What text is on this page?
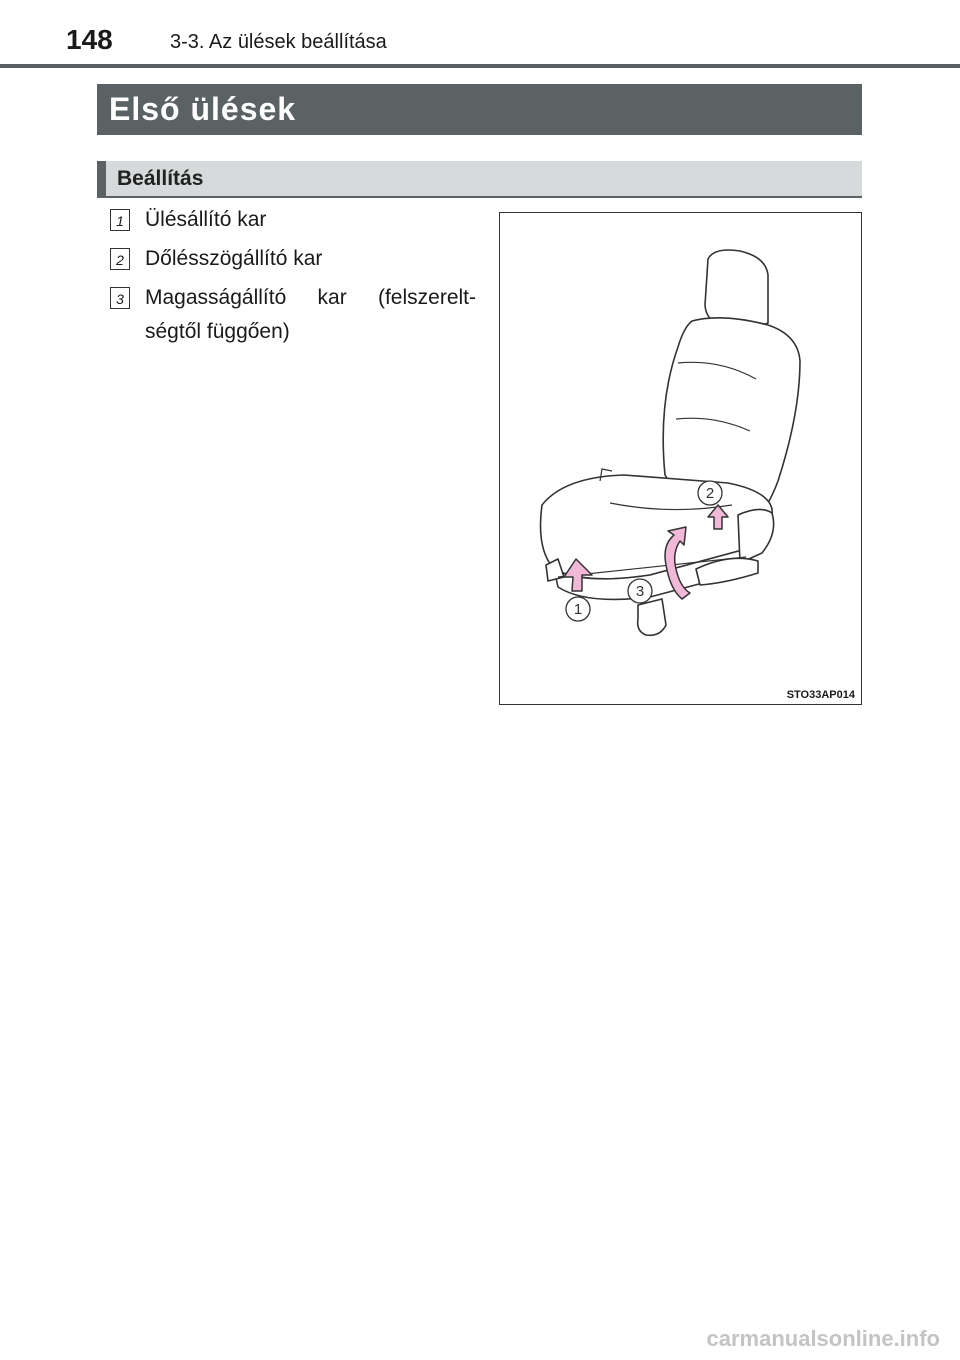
148	3-3. Az ülések beállítása
Első ülések
Beállítás
1 Ülésállító kar
2 Dőlésszögállító kar
3 Magasságállító kar (felszerelt-ségtől függően)
1
2
3
STO33AP014
carmanualsonline.info
